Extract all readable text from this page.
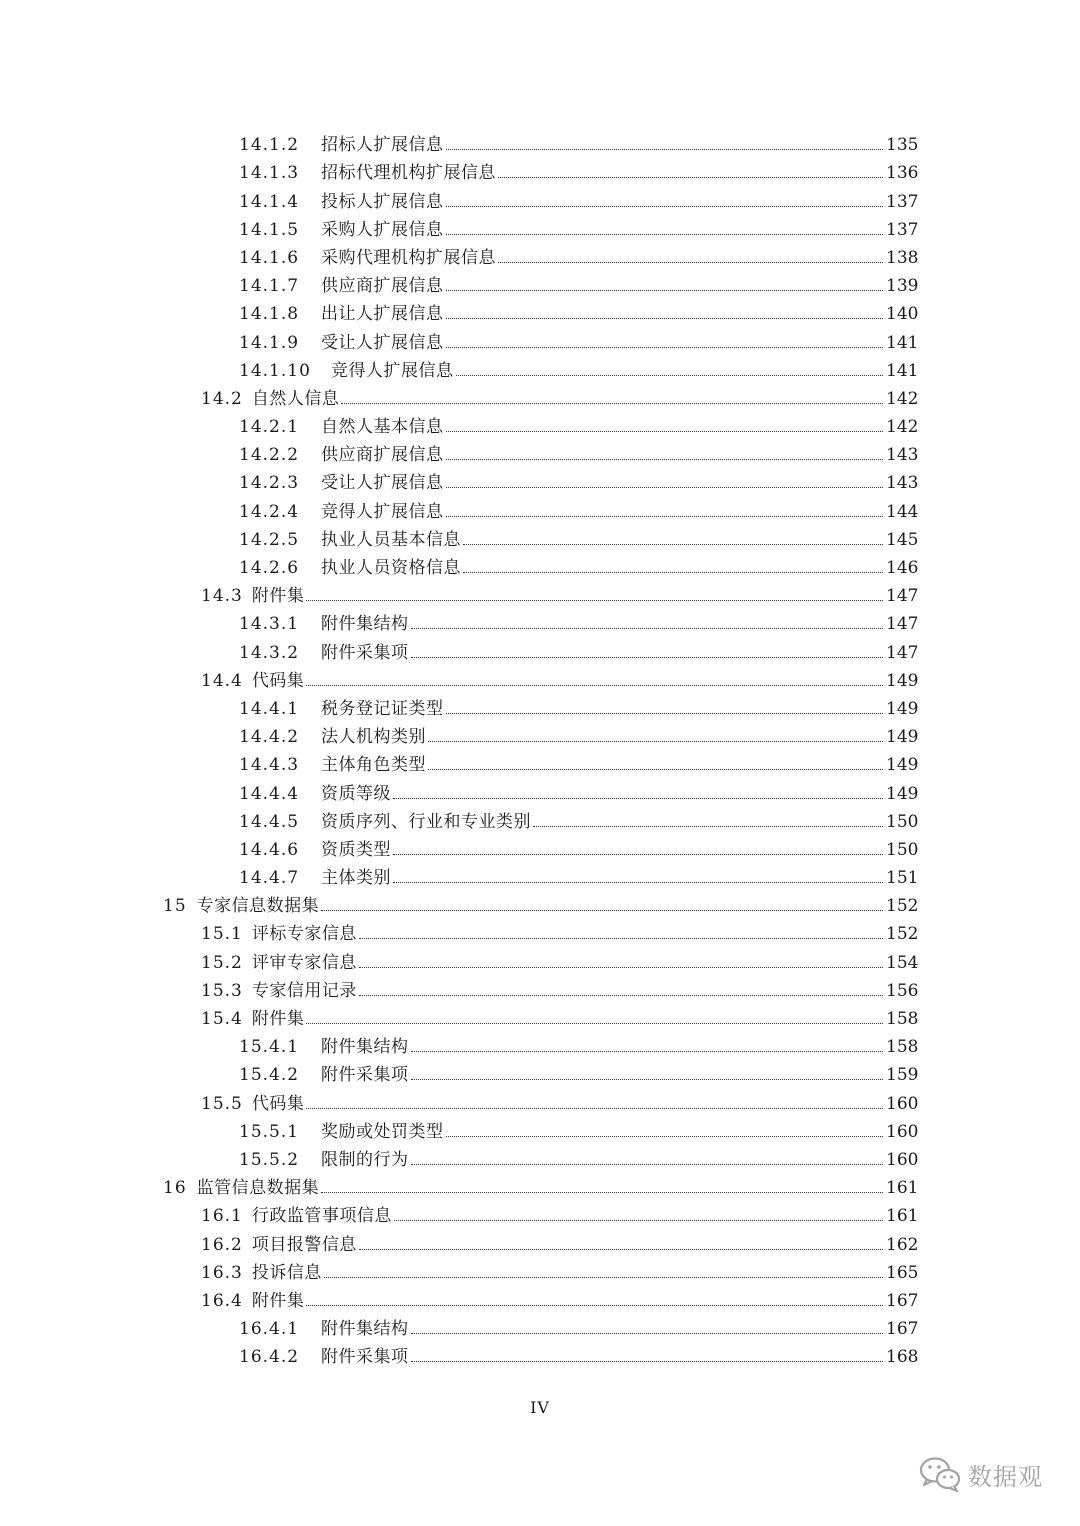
14.1.2	招标人扩展信息	135
14.1.3	招标代理机构扩展信息	136
14.1.4	投标人扩展信息	137
14.1.5	采购人扩展信息	137
14.1.6	采购代理机构扩展信息	138
14.1.7	供应商扩展信息	139
14.1.8	出让人扩展信息	140
14.1.9	受让人扩展信息	141
14.1.10	竞得人扩展信息	141
14.2 自然人信息	142
14.2.1	自然人基本信息	142
14.2.2	供应商扩展信息	143
14.2.3	受让人扩展信息	143
14.2.4	竞得人扩展信息	144
14.2.5	执业人员基本信息	145
14.2.6	执业人员资格信息	146
14.3 附件集	147
14.3.1	附件集结构	147
14.3.2	附件采集项	147
14.4 代码集	149
14.4.1	税务登记证类型	149
14.4.2	法人机构类别	149
14.4.3	主体角色类型	149
14.4.4	资质等级	149
14.4.5	资质序列、行业和专业类别	150
14.4.6	资质类型	150
14.4.7	主体类别	151
15 专家信息数据集	152
15.1 评标专家信息	152
15.2 评审专家信息	154
15.3 专家信用记录	156
15.4 附件集	158
15.4.1	附件集结构	158
15.4.2	附件采集项	159
15.5 代码集	160
15.5.1	奖励或处罚类型	160
15.5.2	限制的行为	160
16 监管信息数据集	161
16.1 行政监管事项信息	161
16.2 项目报警信息	162
16.3 投诉信息	165
16.4 附件集	167
16.4.1	附件集结构	167
16.4.2	附件采集项	168
IV
数据观
